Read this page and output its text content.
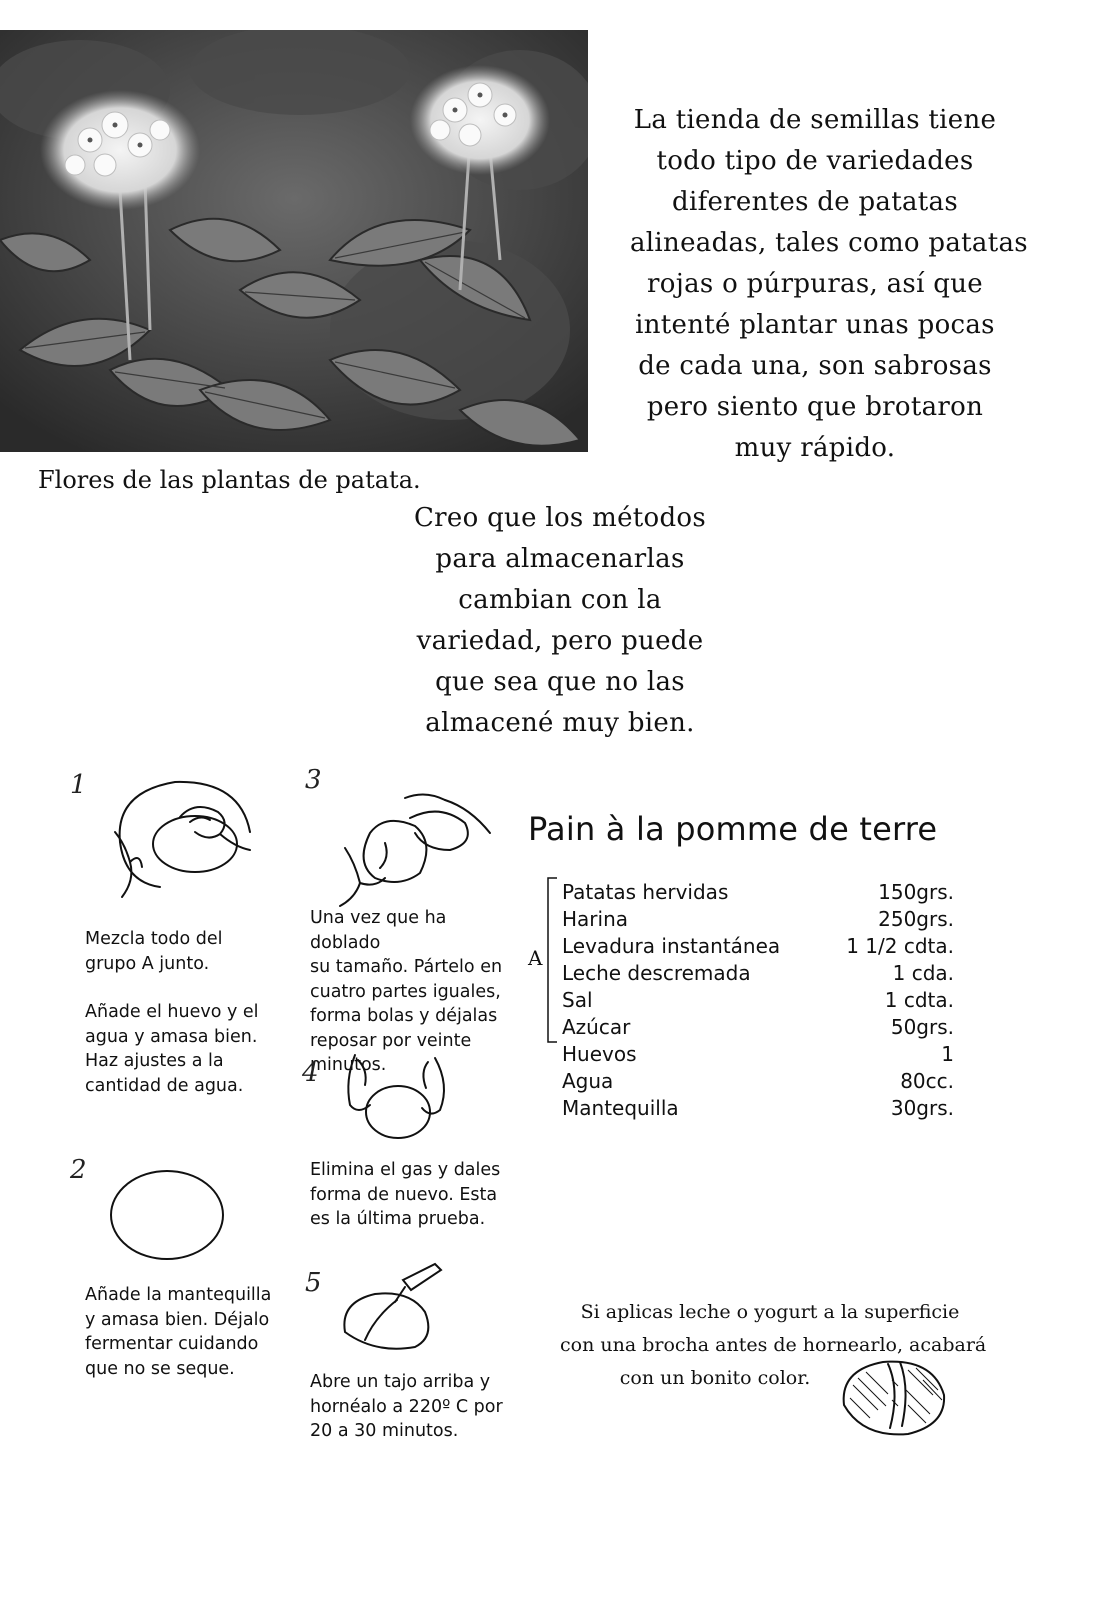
Flores de las plantas de patata.
La tienda de semillas tiene
todo tipo de variedades
diferentes de patatas
alineadas, tales como patatas
rojas o púrpuras, así que
intenté plantar unas pocas
de cada una, son sabrosas
pero siento que brotaron
muy rápido.
Creo que los métodos
para almacenarlas
cambian con la
variedad, pero puede
que sea que no las
almacené muy bien.
1
Mezcla todo del
grupo A junto.
Añade el huevo y el
agua y amasa bien.
Haz ajustes a la
cantidad de agua.
2
Añade la mantequilla
y amasa bien. Déjalo
fermentar cuidando
que no se seque.
3
Una vez que ha doblado
su tamaño. Pártelo en
cuatro partes iguales,
forma bolas y déjalas
reposar por veinte
minutos.
4
Elimina el gas y dales
forma de nuevo. Esta
es la última prueba.
5
Abre un tajo arriba y
hornéalo a 220º C por
20 a 30 minutos.
Pain à la pomme de terre
A
Patatas hervidas	150grs.
Harina	250grs.
Levadura instantánea	1 1/2 cdta.
Leche descremada	1 cda.
Sal	1 cdta.
Azúcar	50grs.
Huevos	1
Agua	80cc.
Mantequilla	30grs.
Si aplicas leche o yogurt a la superficie
con una brocha antes de hornearlo, acabará
con un bonito color.
